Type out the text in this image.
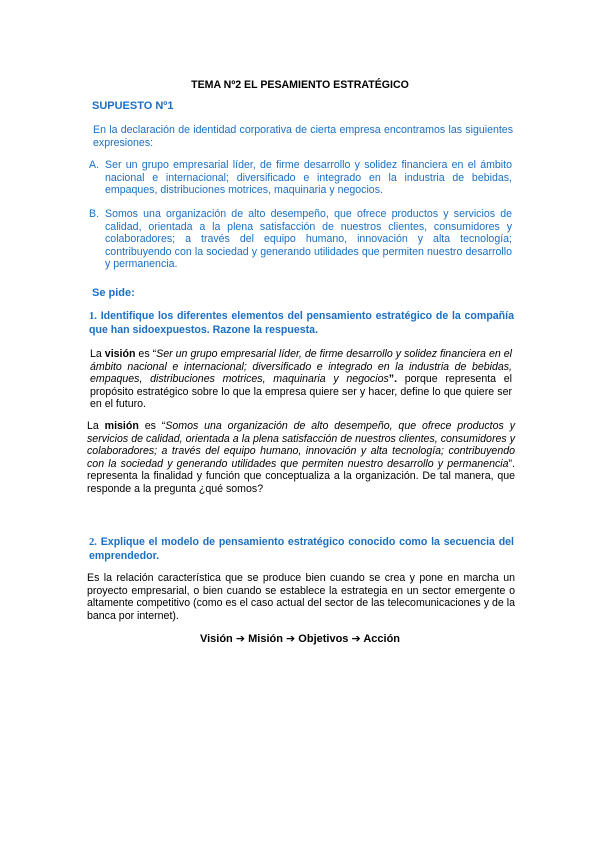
TEMA Nº2 EL PESAMIENTO ESTRATÉGICO
SUPUESTO Nº1
En la declaración de identidad corporativa de cierta empresa encontramos las siguientes expresiones:
A. Ser un grupo empresarial líder, de firme desarrollo y solidez financiera en el ámbito nacional e internacional; diversificado e integrado en la industria de bebidas, empaques, distribuciones motrices, maquinaria y negocios.
B. Somos una organización de alto desempeño, que ofrece productos y servicios de calidad, orientada a la plena satisfacción de nuestros clientes, consumidores y colaboradores; a través del equipo humano, innovación y alta tecnología; contribuyendo con la sociedad y generando utilidades que permiten nuestro desarrollo y permanencia.
Se pide:
1. Identifique los diferentes elementos del pensamiento estratégico de la compañía que han sidoexpuestos. Razone la respuesta.
La visión es “Ser un grupo empresarial líder, de firme desarrollo y solidez financiera en el ámbito nacional e internacional; diversificado e integrado en la industria de bebidas, empaques, distribuciones motrices, maquinaria y negocios”. porque representa el propósito estratégico sobre lo que la empresa quiere ser y hacer, define lo que quiere ser en el futuro.
La misión es “Somos una organización de alto desempeño, que ofrece productos y servicios de calidad, orientada a la plena satisfacción de nuestros clientes, consumidores y colaboradores; a través del equipo humano, innovación y alta tecnología; contribuyendo con la sociedad y generando utilidades que permiten nuestro desarrollo y permanencia”. representa la finalidad y función que conceptualiza a la organización. De tal manera, que responde a la pregunta ¿qué somos?
2. Explique el modelo de pensamiento estratégico conocido como la secuencia del emprendedor.
Es la relación característica que se produce bien cuando se crea y pone en marcha un proyecto empresarial, o bien cuando se establece la estrategia en un sector emergente o altamente competitivo (como es el caso actual del sector de las telecomunicaciones y de la banca por internet).
Visión ➔ Misión ➔ Objetivos ➔ Acción
